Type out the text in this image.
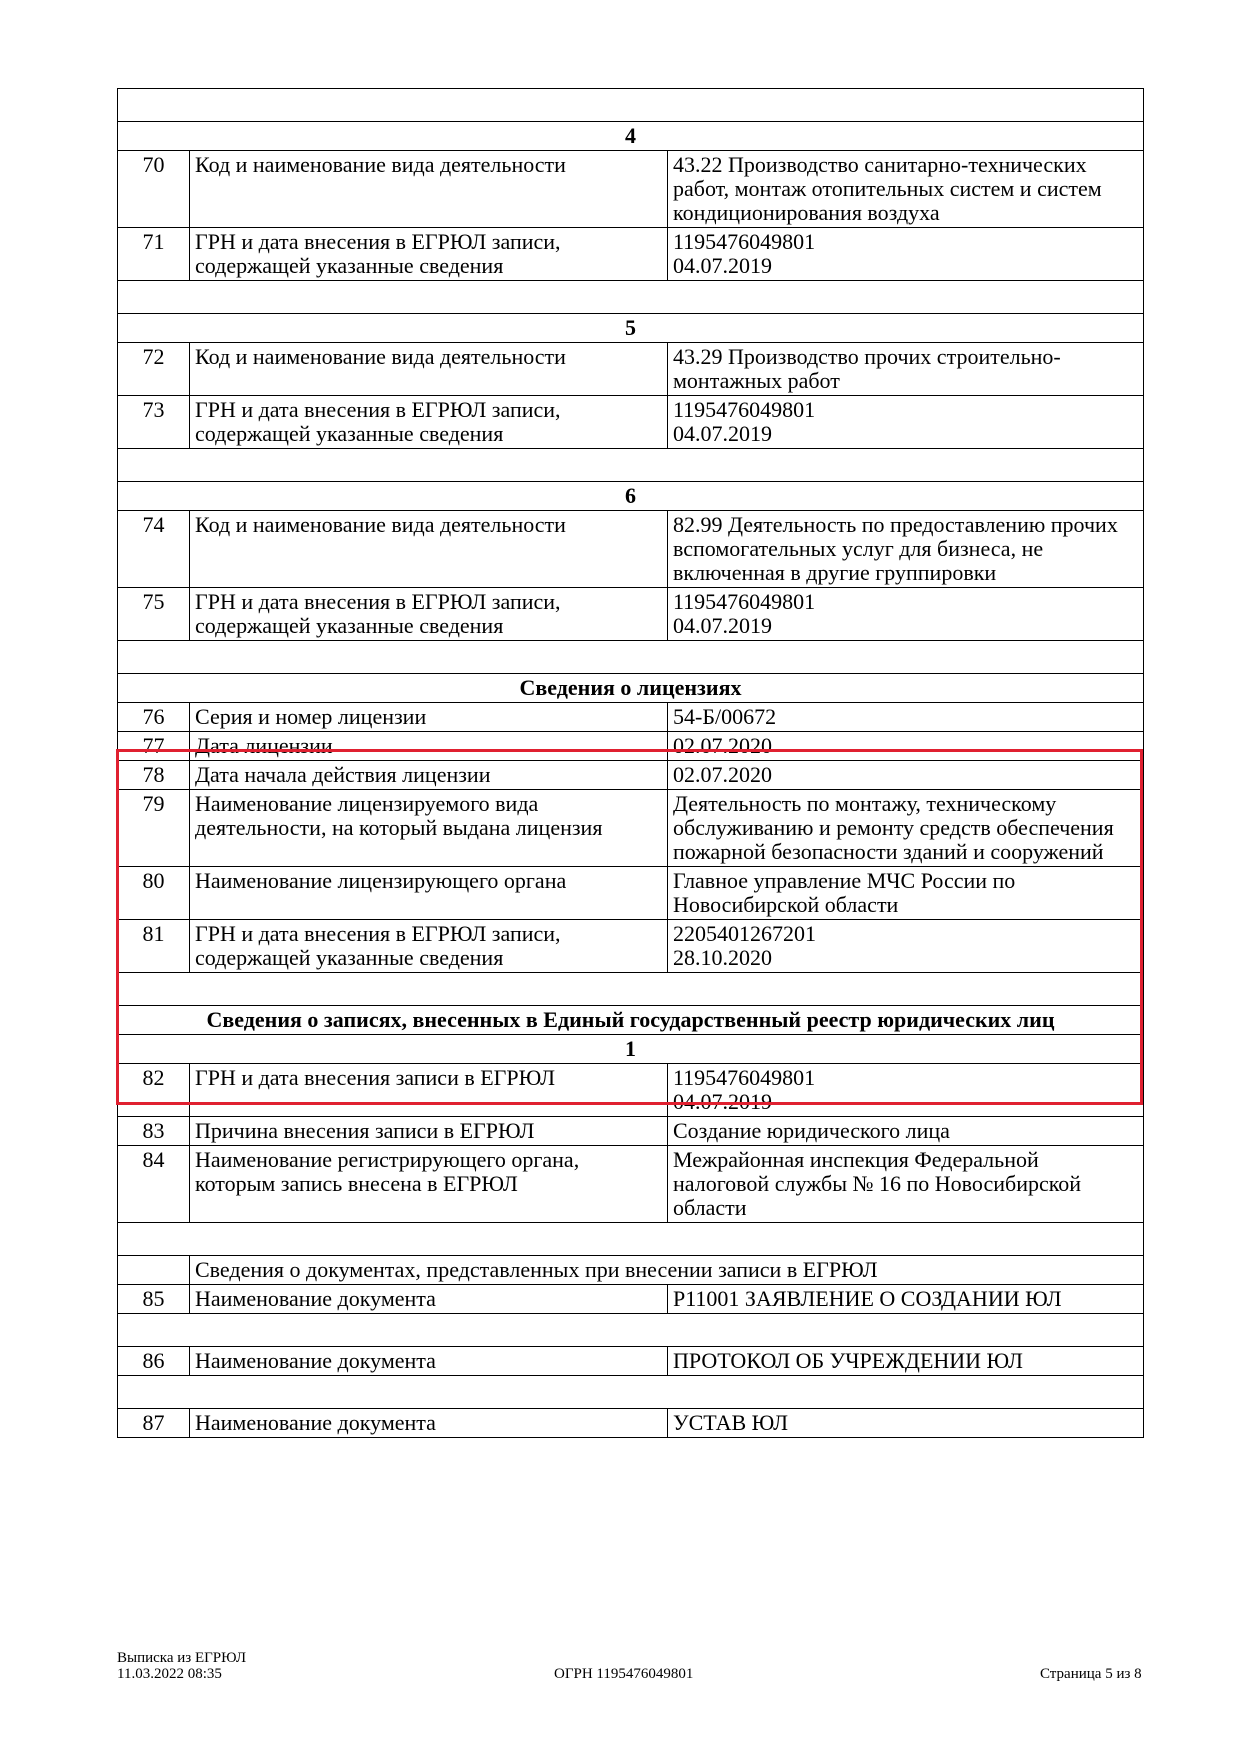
4		
70	Код и наименование вида деятельности	43.22 Производство санитарно-технических работ, монтаж отопительных систем и систем кондиционирования воздуха
71	ГРН и дата внесения в ЕГРЮЛ записи, содержащей указанные сведения	1195476049801
04.07.2019

5		
72	Код и наименование вида деятельности	43.29 Производство прочих строительно-монтажных работ
73	ГРН и дата внесения в ЕГРЮЛ записи, содержащей указанные сведения	1195476049801
04.07.2019

6		
74	Код и наименование вида деятельности	82.99 Деятельность по предоставлению прочих вспомогательных услуг для бизнеса, не включенная в другие группировки
75	ГРН и дата внесения в ЕГРЮЛ записи, содержащей указанные сведения	1195476049801
04.07.2019

Сведения о лицензиях		
76	Серия и номер лицензии	54-Б/00672
77	Дата лицензии	02.07.2020
78	Дата начала действия лицензии	02.07.2020
79	Наименование лицензируемого вида деятельности, на который выдана лицензия	Деятельность по монтажу, техническому обслуживанию и ремонту средств обеспечения пожарной безопасности зданий и сооружений
80	Наименование лицензирующего органа	Главное управление МЧС России по Новосибирской области
81	ГРН и дата внесения в ЕГРЮЛ записи, содержащей указанные сведения	2205401267201
28.10.2020

Сведения о записях, внесенных в Единый государственный реестр юридических лиц		
1		
82	ГРН и дата внесения записи в ЕГРЮЛ	1195476049801
04.07.2019

83	Причина внесения записи в ЕГРЮЛ	Создание юридического лица
84	Наименование регистрирующего органа, которым запись внесена в ЕГРЮЛ	Межрайонная инспекция Федеральной налоговой службы № 16 по Новосибирской области

	Сведения о документах, представленных при внесении записи в ЕГРЮЛ	
85	Наименование документа	Р11001 ЗАЯВЛЕНИЕ О СОЗДАНИИ ЮЛ

86	Наименование документа	ПРОТОКОЛ ОБ УЧРЕЖДЕНИИ ЮЛ

87	Наименование документа	УСТАВ ЮЛ
Выписка из ЕГРЮЛ
11.03.2022 08:35	ОГРН 1195476049801	Страница 5 из 8
